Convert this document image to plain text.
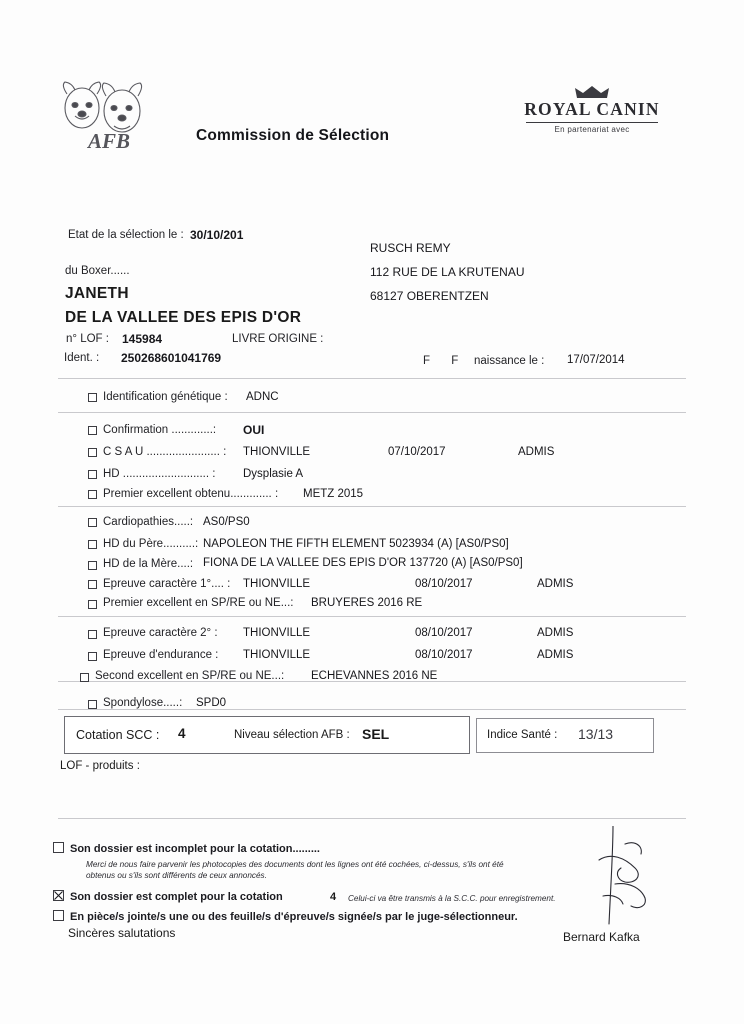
AFB	Commission de Sélection
ROYAL CANIN
En partenariat avec
Etat de la sélection le : 30/10/201
du Boxer......
JANETH
DE LA VALLEE DES EPIS D'OR
n° LOF : 145984	LIVRE ORIGINE :
Ident. : 250268601041769	F F naissance le : 17/07/2014
RUSCH REMY
112 RUE DE LA KRUTENAU
68127 OBERENTZEN
Identification génétique : ADNC
Confirmation .............: OUI
C S A U ....................... : THIONVILLE	07/10/2017	ADMIS
HD ........................... : Dysplasie A
Premier excellent obtenu............. : METZ 2015
Cardiopathies.....: AS0/PS0
HD du Père..........: NAPOLEON THE FIFTH ELEMENT 5023934 (A) [AS0/PS0]
HD de la Mère....: FIONA DE LA VALLEE DES EPIS D'OR 137720 (A) [AS0/PS0]
Epreuve caractère 1°.... : THIONVILLE	08/10/2017	ADMIS
Premier excellent en SP/RE ou NE...: BRUYERES 2016 RE
Epreuve caractère 2° : THIONVILLE	08/10/2017	ADMIS
Epreuve d'endurance : THIONVILLE	08/10/2017	ADMIS
Second excellent en SP/RE ou NE...: ECHEVANNES 2016 NE
Spondylose.....: SPD0
Cotation SCC : 4	Niveau sélection AFB : SEL	Indice Santé : 13/13
LOF - produits :
Son dossier est incomplet pour la cotation.........
Merci de nous faire parvenir les photocopies des documents dont les lignes ont été cochées, ci-dessus, s'ils ont été
obtenus ou s'ils sont différents de ceux annoncés.
Son dossier est complet pour la cotation	4 Celui-ci va être transmis à la S.C.C. pour enregistrement.
En pièce/s jointe/s une ou des feuille/s d'épreuve/s signée/s par le juge-sélectionneur.
Sincères salutations	Bernard Kafka
